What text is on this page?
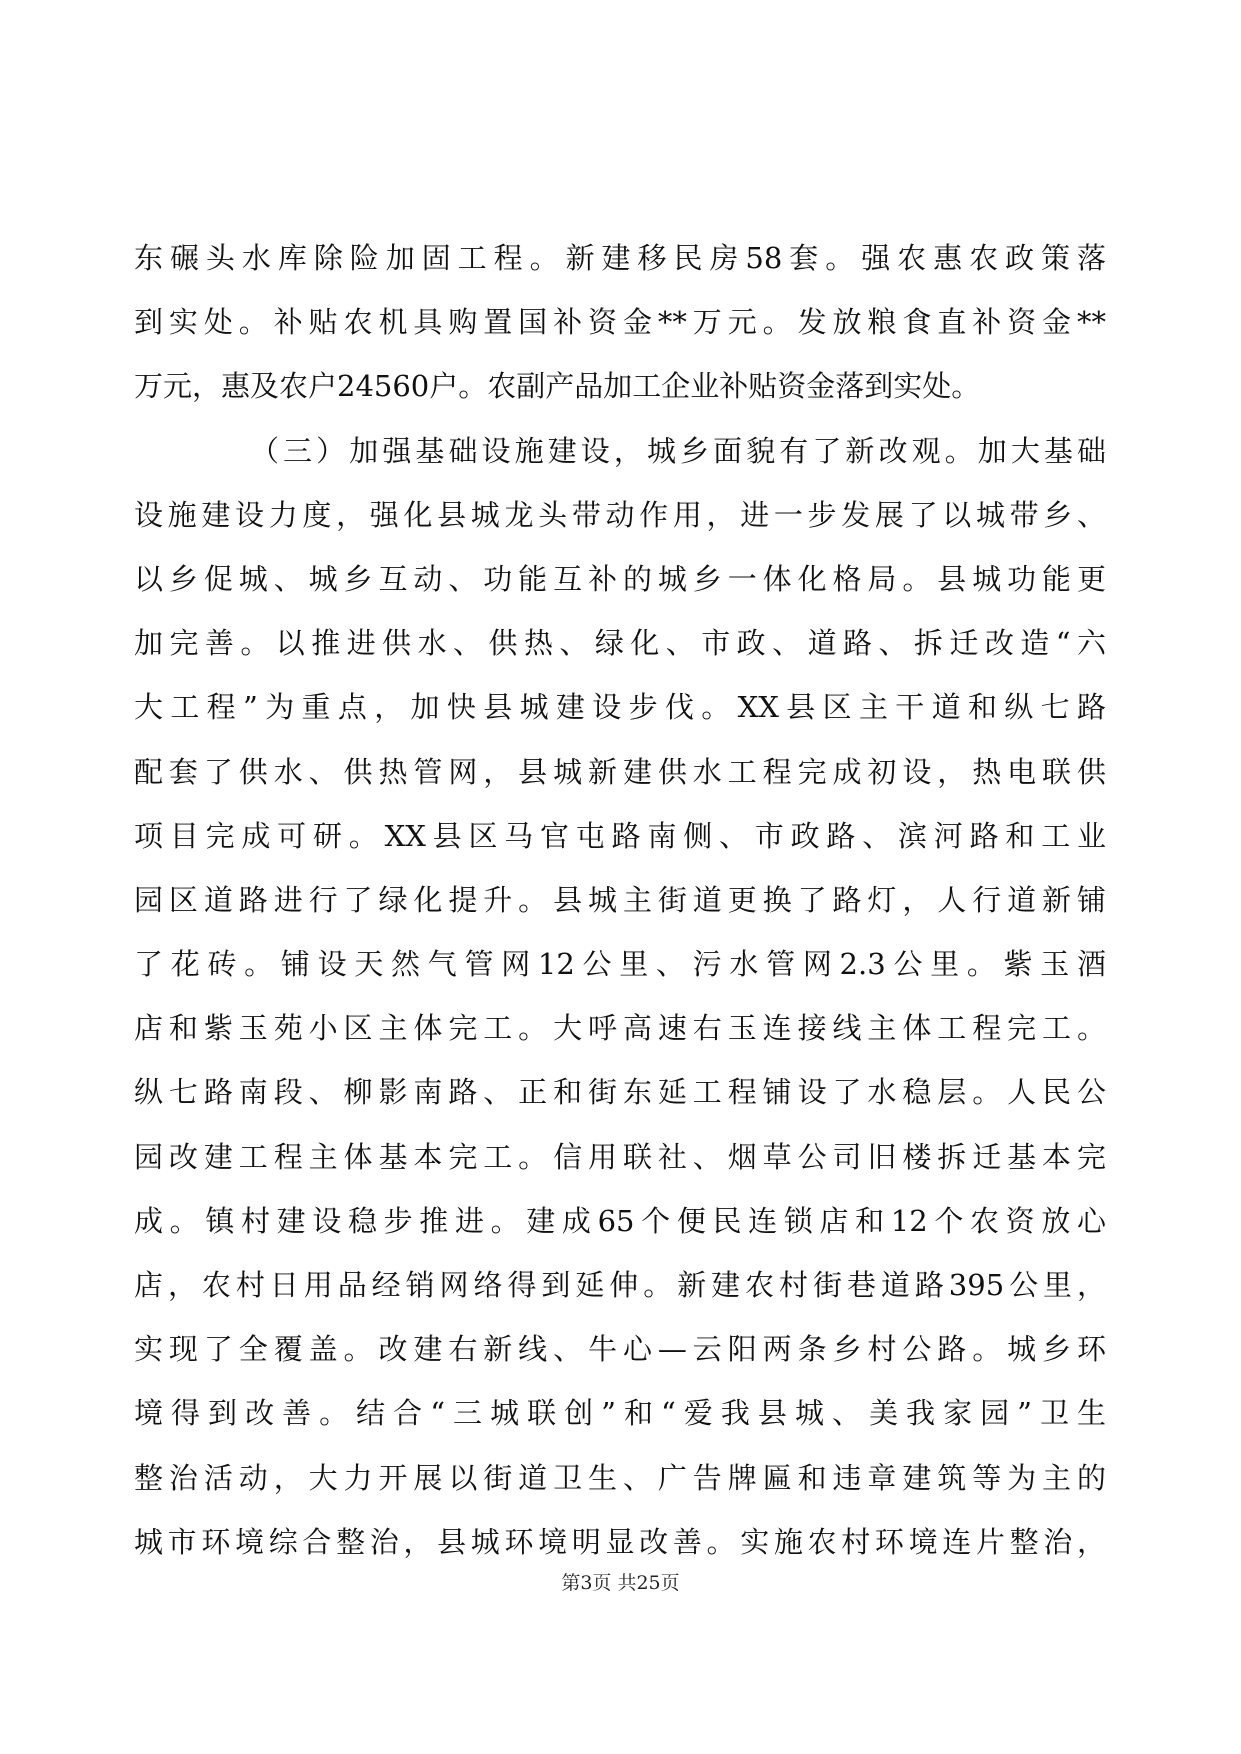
东碾头水库除险加固工程。新建移民房58套。强农惠农政策落
到实处。补贴农机具购置国补资金**万元。发放粮食直补资金**
万元，惠及农户24560户。农副产品加工企业补贴资金落到实处。
（三）加强基础设施建设，城乡面貌有了新改观。加大基础
设施建设力度，强化县城龙头带动作用，进一步发展了以城带乡、
以乡促城、城乡互动、功能互补的城乡一体化格局。县城功能更
加完善。以推进供水、供热、绿化、市政、道路、拆迁改造“六
大工程”为重点，加快县城建设步伐。XX县区主干道和纵七路
配套了供水、供热管网，县城新建供水工程完成初设，热电联供
项目完成可研。XX县区马官屯路南侧、市政路、滨河路和工业
园区道路进行了绿化提升。县城主街道更换了路灯，人行道新铺
了花砖。铺设天然气管网12公里、污水管网2.3公里。紫玉酒
店和紫玉苑小区主体完工。大呼高速右玉连接线主体工程完工。
纵七路南段、柳影南路、正和街东延工程铺设了水稳层。人民公
园改建工程主体基本完工。信用联社、烟草公司旧楼拆迁基本完
成。镇村建设稳步推进。建成65个便民连锁店和12个农资放心
店，农村日用品经销网络得到延伸。新建农村街巷道路395公里，
实现了全覆盖。改建右新线、牛心—云阳两条乡村公路。城乡环
境得到改善。结合“三城联创”和“爱我县城、美我家园”卫生
整治活动，大力开展以街道卫生、广告牌匾和违章建筑等为主的
城市环境综合整治，县城环境明显改善。实施农村环境连片整治，
第3页 共25页
